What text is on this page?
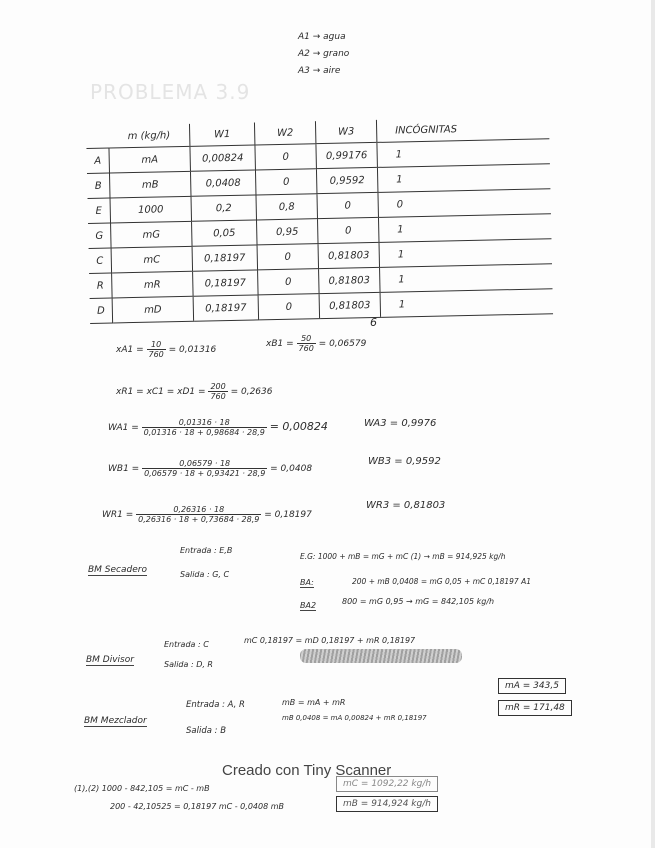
A1 → agua
A2 → grano
A3 → aire
PROBLEMA 3.9
	m (kg/h)	W1	W2	W3	INCÓGNITAS
A	mA	0,00824	0	0,99176	1
B	mB	0,0408	0	0,9592	1
E	1000	0,2	0,8	0	0
G	mG	0,05	0,95	0	1
C	mC	0,18197	0	0,81803	1
R	mR	0,18197	0	0,81803	1
D	mD	0,18197	0	0,81803	1
6
$xA1 = \frac{10}{760} = 0,01316$
$xB1 = \frac{50}{760} = 0,06579$
$xR1 = xC1 = xD1 = \frac{200}{760} = 0,2636$
$WA1 = \frac{0,01316 \cdot 18}{0,01316 \cdot 18 + 0,98684 \cdot 28,9} = 0,00824$	WA3 = 0,9976
$WB1 = \frac{0,06579 \cdot 18}{0,06579 \cdot 18 + 0,93421 \cdot 28,9} = 0,0408$
WB3 = 0,9592
$WR1 = \frac{0,26316 \cdot 18}{0,26316 \cdot 18 + 0,73684 \cdot 28,9} = 0,18197$
WR3 = 0,81803
BM Secadero
Entrada : E,B
Salida : G, C
E.G: 1000 + mB = mG + mC (1) → mB = 914,925 kg/h
BA:	200 + mB 0,0408 = mG 0,05 + mC 0,18197 A1
BA2	800 = mG 0,95 → mG = 842,105 kg/h
BM Divisor
Entrada : C
Salida : D, R
mC 0,18197 = mD 0,18197 + mR 0,18197
BM Mezclador
Entrada : A, R
Salida : B
mB = mA + mR
mB 0,0408 = mA 0,00824 + mR 0,18197
mA = 343,5
mR = 171,48
Creado con Tiny Scanner
(1),(2) 1000 - 842,105 = mC - mB
200 - 42,10525 = 0,18197 mC - 0,0408 mB
mC = 1092,22 kg/h
mB = 914,924 kg/h
